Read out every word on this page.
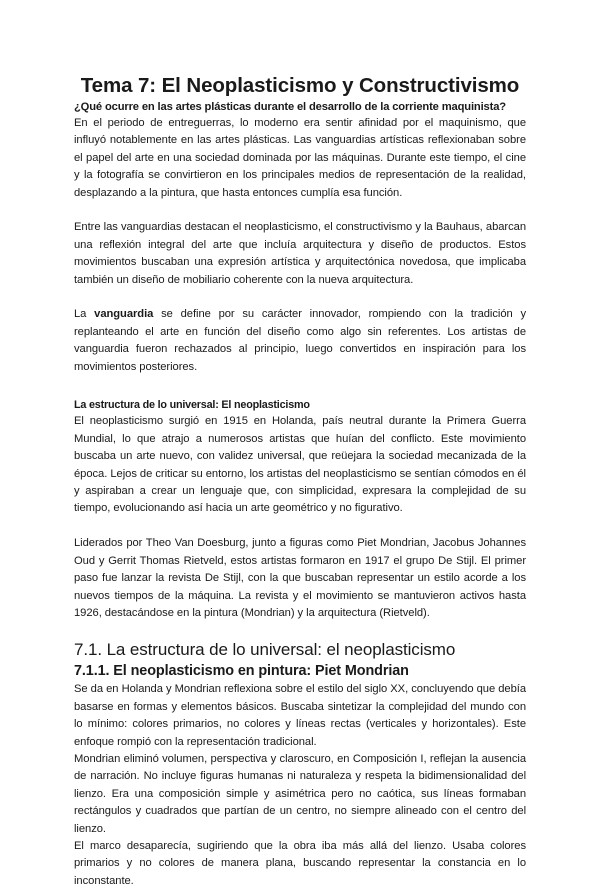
Tema 7: El Neoplasticismo y Constructivismo
¿Qué ocurre en las artes plásticas durante el desarrollo de la corriente maquinista?

En el periodo de entreguerras, lo moderno era sentir afinidad por el maquinismo, que influyó notablemente en las artes plásticas. Las vanguardias artísticas reflexionaban sobre el papel del arte en una sociedad dominada por las máquinas. Durante este tiempo, el cine y la fotografía se convirtieron en los principales medios de representación de la realidad, desplazando a la pintura, que hasta entonces cumplía esa función.

Entre las vanguardias destacan el neoplasticismo, el constructivismo y la Bauhaus, abarcan una reflexión integral del arte que incluía arquitectura y diseño de productos. Estos movimientos buscaban una expresión artística y arquitectónica novedosa, que implicaba también un diseño de mobiliario coherente con la nueva arquitectura.

La vanguardia se define por su carácter innovador, rompiendo con la tradición y replanteando el arte en función del diseño como algo sin referentes. Los artistas de vanguardia fueron rechazados al principio, luego convertidos en inspiración para los movimientos posteriores.

La estructura de lo universal: El neoplasticismo

El neoplasticismo surgió en 1915 en Holanda, país neutral durante la Primera Guerra Mundial, lo que atrajo a numerosos artistas que huían del conflicto. Este movimiento buscaba un arte nuevo, con validez universal, que reüejara la sociedad mecanizada de la época. Lejos de criticar su entorno, los artistas del neoplasticismo se sentían cómodos en él y aspiraban a crear un lenguaje que, con simplicidad, expresara la complejidad de su tiempo, evolucionando así hacia un arte geométrico y no figurativo.

Liderados por Theo Van Doesburg, junto a figuras como Piet Mondrian, Jacobus Johannes Oud y Gerrit Thomas Rietveld, estos artistas formaron en 1917 el grupo De Stijl. El primer paso fue lanzar la revista De Stijl, con la que buscaban representar un estilo acorde a los nuevos tiempos de la máquina. La revista y el movimiento se mantuvieron activos hasta 1926, destacándose en la pintura (Mondrian) y la arquitectura (Rietveld).

7.1. La estructura de lo universal: el neoplasticismo
7.1.1. El neoplasticismo en pintura: Piet Mondrian

Se da en Holanda y Mondrian reflexiona sobre el estilo del siglo XX, concluyendo que debía basarse en formas y elementos básicos. Buscaba sintetizar la complejidad del mundo con lo mínimo: colores primarios, no colores y líneas rectas (verticales y horizontales). Este enfoque rompió con la representación tradicional.

Mondrian eliminó volumen, perspectiva y claroscuro, en Composición I, reflejan la ausencia de narración. No incluye figuras humanas ni naturaleza y respeta la bidimensionalidad del lienzo. Era una composición simple y asimétrica pero no caótica, sus líneas formaban rectángulos y cuadrados que partían de un centro, no siempre alineado con el centro del lienzo.

El marco desaparecía, sugiriendo que la obra iba más allá del lienzo. Usaba colores primarios y no colores de manera plana, buscando representar la constancia en lo inconstante.
